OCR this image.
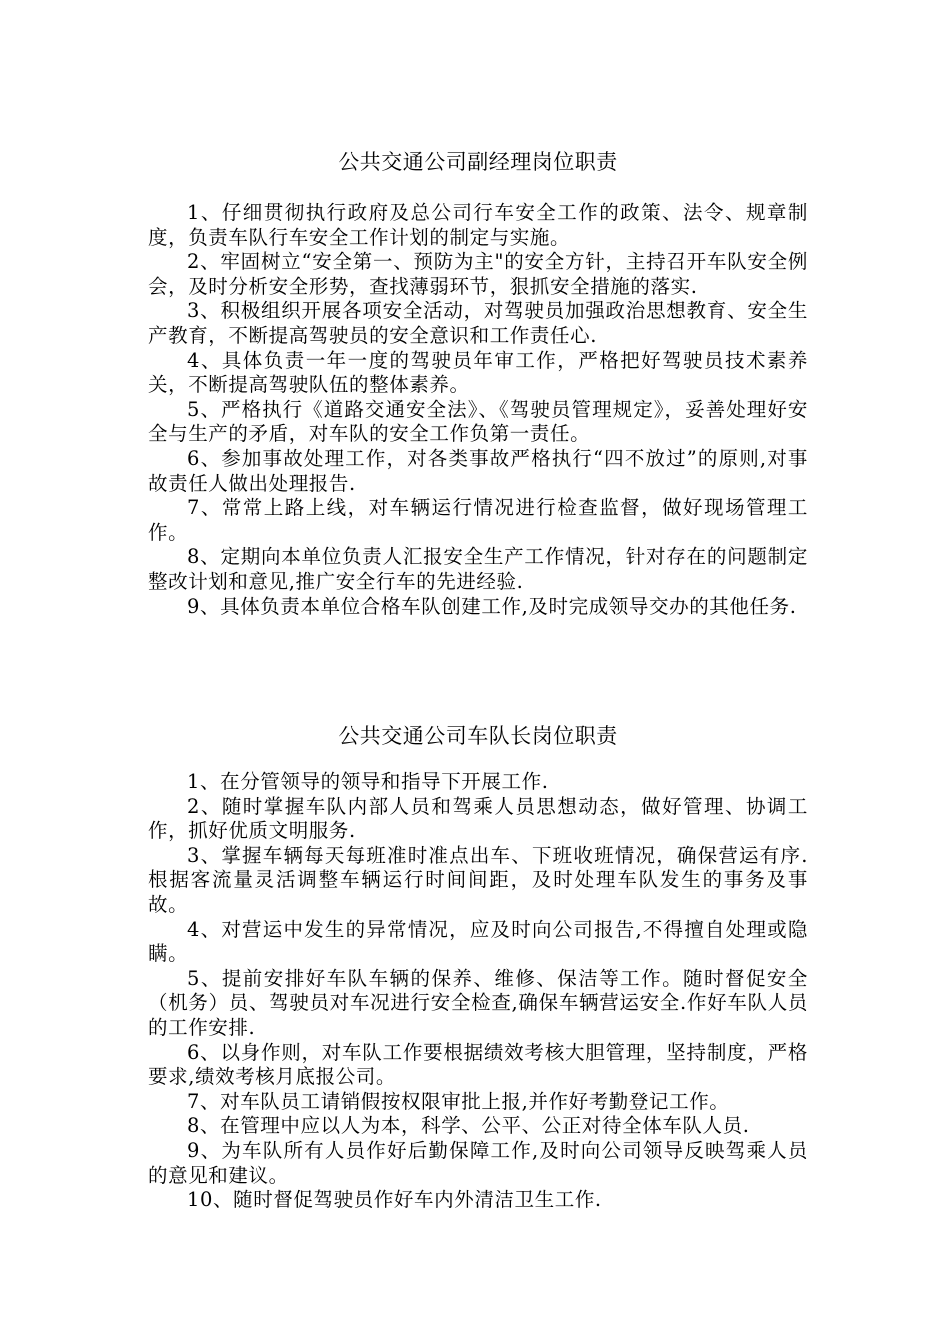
公共交通公司副经理岗位职责

1、仔细贯彻执行政府及总公司行车安全工作的政策、法令、规章制度，负责车队行车安全工作计划的制定与实施。

2、牢固树立“安全第一、预防为主"的安全方针，主持召开车队安全例会，及时分析安全形势，查找薄弱环节，狠抓安全措施的落实.

3、积极组织开展各项安全活动，对驾驶员加强政治思想教育、安全生产教育，不断提高驾驶员的安全意识和工作责任心.

4、具体负责一年一度的驾驶员年审工作，严格把好驾驶员技术素养关，不断提高驾驶队伍的整体素养。

5、严格执行《道路交通安全法》、《驾驶员管理规定》，妥善处理好安全与生产的矛盾，对车队的安全工作负第一责任。

6、参加事故处理工作，对各类事故严格执行“四不放过”的原则,对事故责任人做出处理报告.

7、常常上路上线，对车辆运行情况进行检查监督，做好现场管理工作。

8、定期向本单位负责人汇报安全生产工作情况，针对存在的问题制定整改计划和意见,推广安全行车的先进经验.

9、具体负责本单位合格车队创建工作,及时完成领导交办的其他任务.

公共交通公司车队长岗位职责

1、在分管领导的领导和指导下开展工作.

2、随时掌握车队内部人员和驾乘人员思想动态，做好管理、协调工作，抓好优质文明服务.

3、掌握车辆每天每班准时准点出车、下班收班情况，确保营运有序.根据客流量灵活调整车辆运行时间间距，及时处理车队发生的事务及事故。

4、对营运中发生的异常情况，应及时向公司报告,不得擅自处理或隐瞒。

5、提前安排好车队车辆的保养、维修、保洁等工作。随时督促安全（机务）员、驾驶员对车况进行安全检查,确保车辆营运安全.作好车队人员的工作安排.

6、以身作则，对车队工作要根据绩效考核大胆管理，坚持制度，严格要求,绩效考核月底报公司。

7、对车队员工请销假按权限审批上报,并作好考勤登记工作。

8、在管理中应以人为本，科学、公平、公正对待全体车队人员.

9、为车队所有人员作好后勤保障工作,及时向公司领导反映驾乘人员的意见和建议。

10、随时督促驾驶员作好车内外清洁卫生工作.
